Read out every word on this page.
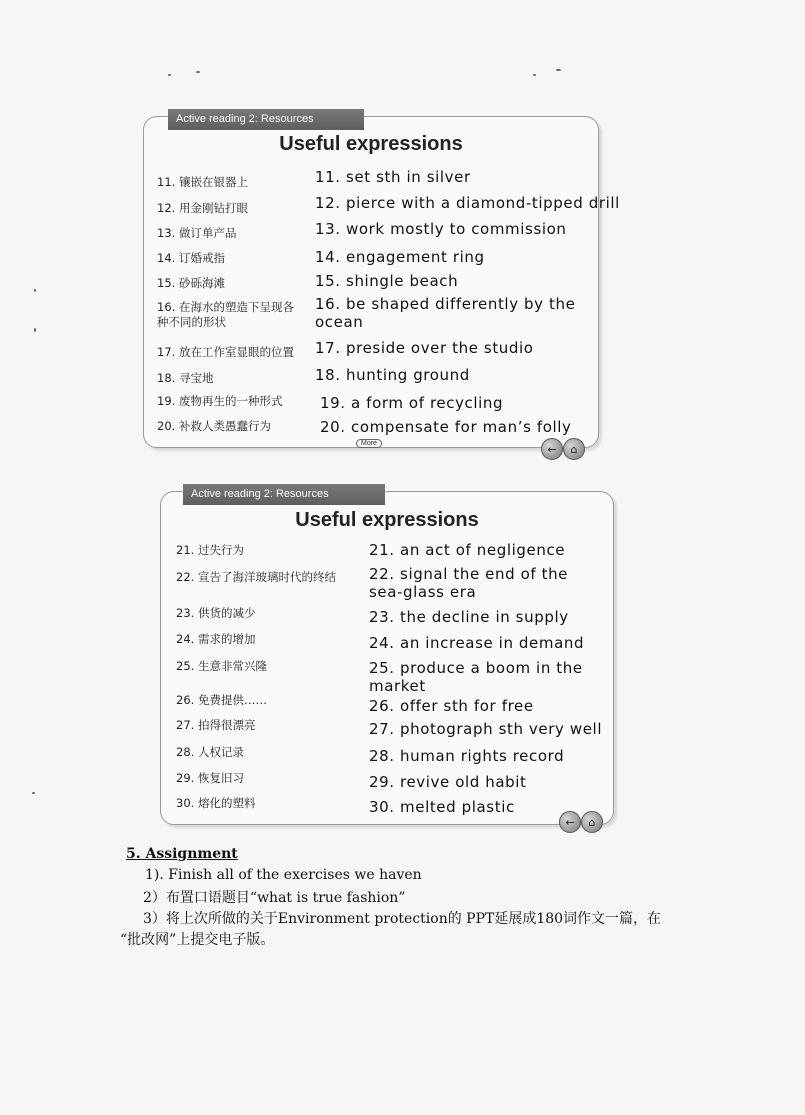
Active reading 2: Resources
Useful expressions
11. 镶嵌在银器上	11. set sth in silver
12. 用金刚钻打眼	12. pierce with a diamond-tipped drill
13. 做订单产品	13. work mostly to commission
14. 订婚戒指	14. engagement ring
15. 砂砾海滩	15. shingle beach
16. 在海水的塑造下呈现各种不同的形状
16. be shaped differently by the ocean
17. 放在工作室显眼的位置 17. preside over the studio
18. 寻宝地	18. hunting ground
19. 废物再生的一种形式	19. a form of recycling
20. 补救人类愚蠢行为	20. compensate for man’s folly
More	←	⌂
Active reading 2: Resources
Useful expressions
21. 过失行为	21. an act of negligence
22. 宣告了海洋玻璃时代的终结 22. signal the end of the sea-glass era
23. 供货的减少	23. the decline in supply
24. 需求的增加	24. an increase in demand
25. 生意非常兴隆	25. produce a boom in the market
26. 免费提供……	26. offer sth for free
27. 拍得很漂亮	27. photograph sth very well
28. 人权记录	28. human rights record
29. 恢复旧习	29. revive old habit
30. 熔化的塑料	30. melted plastic
←	⌂
5. Assignment
1). Finish all of the exercises we haven
2）布置口语题目“what is true fashion”
3）将上次所做的关于Environment protection的 PPT延展成180词作文一篇，在
“批改网”上提交电子版。
